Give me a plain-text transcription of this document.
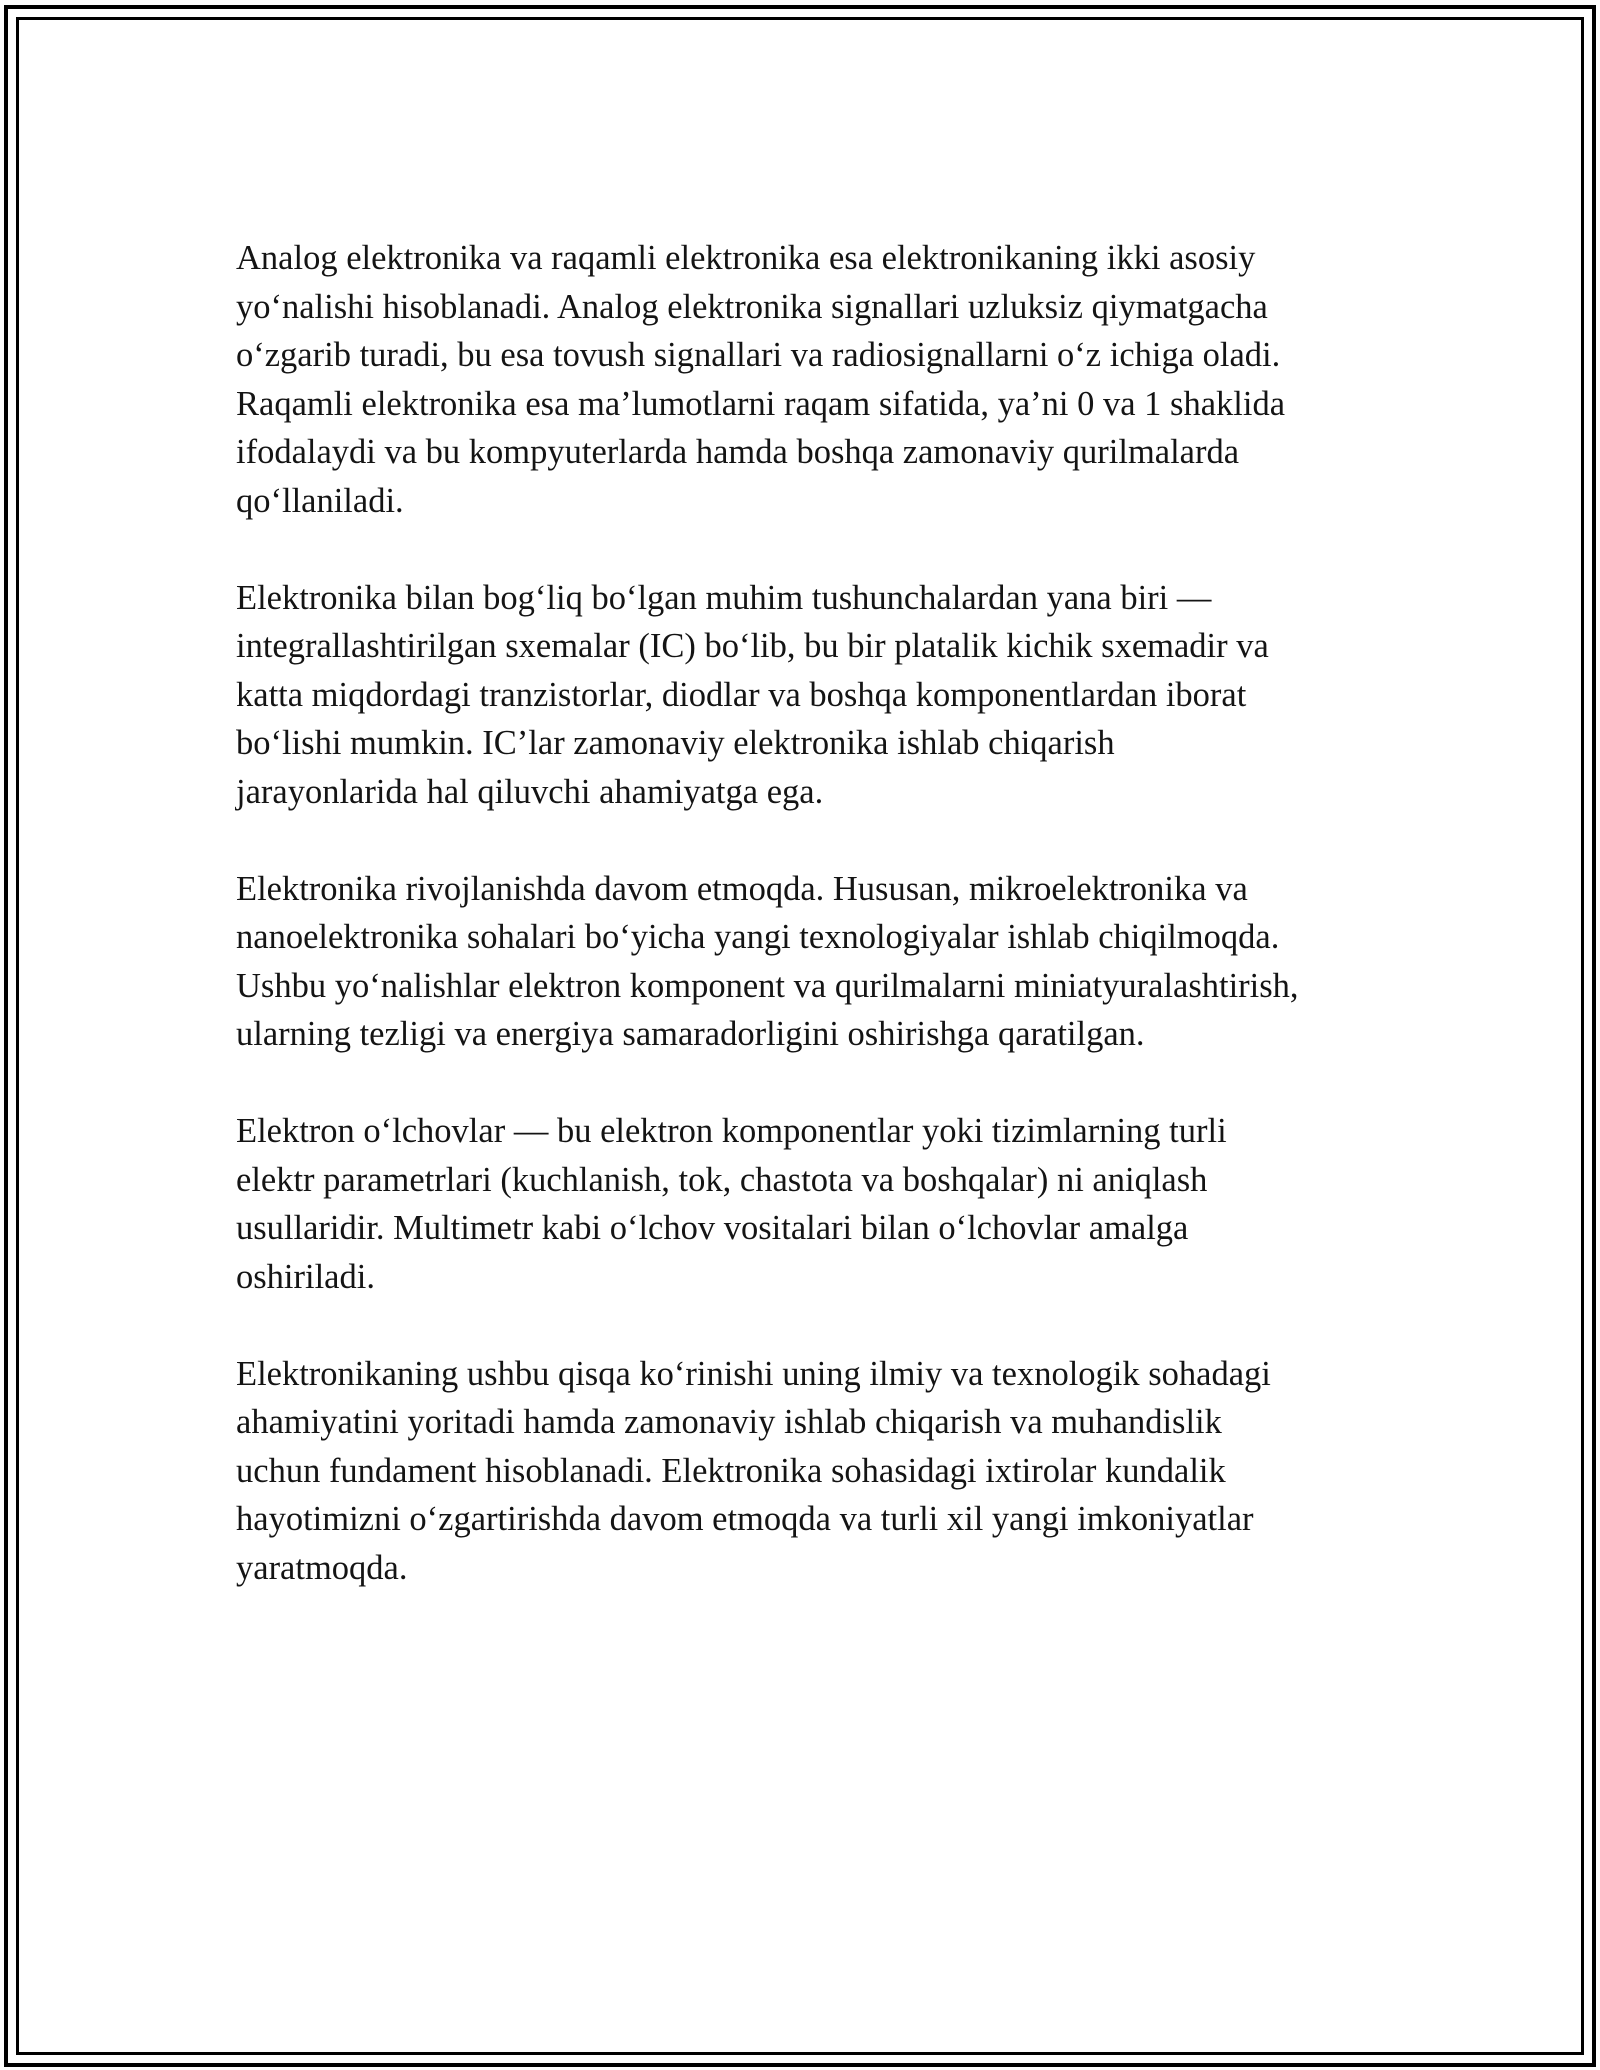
Analog elektronika va raqamli elektronika esa elektronikaning ikki asosiy
yo‘nalishi hisoblanadi. Analog elektronika signallari uzluksiz qiymatgacha
o‘zgarib turadi, bu esa tovush signallari va radiosignallarni o‘z ichiga oladi.
Raqamli elektronika esa ma’lumotlarni raqam sifatida, ya’ni 0 va 1 shaklida
ifodalaydi va bu kompyuterlarda hamda boshqa zamonaviy qurilmalarda
qo‘llaniladi.

Elektronika bilan bog‘liq bo‘lgan muhim tushunchalardan yana biri —
integrallashtirilgan sxemalar (IC) bo‘lib, bu bir platalik kichik sxemadir va
katta miqdordagi tranzistorlar, diodlar va boshqa komponentlardan iborat
bo‘lishi mumkin. IC’lar zamonaviy elektronika ishlab chiqarish
jarayonlarida hal qiluvchi ahamiyatga ega.

Elektronika rivojlanishda davom etmoqda. Hususan, mikroelektronika va
nanoelektronika sohalari bo‘yicha yangi texnologiyalar ishlab chiqilmoqda.
Ushbu yo‘nalishlar elektron komponent va qurilmalarni miniatyuralashtirish,
ularning tezligi va energiya samaradorligini oshirishga qaratilgan.

Elektron o‘lchovlar — bu elektron komponentlar yoki tizimlarning turli
elektr parametrlari (kuchlanish, tok, chastota va boshqalar) ni aniqlash
usullaridir. Multimetr kabi o‘lchov vositalari bilan o‘lchovlar amalga
oshiriladi.

Elektronikaning ushbu qisqa ko‘rinishi uning ilmiy va texnologik sohadagi
ahamiyatini yoritadi hamda zamonaviy ishlab chiqarish va muhandislik
uchun fundament hisoblanadi. Elektronika sohasidagi ixtirolar kundalik
hayotimizni o‘zgartirishda davom etmoqda va turli xil yangi imkoniyatlar
yaratmoqda.
